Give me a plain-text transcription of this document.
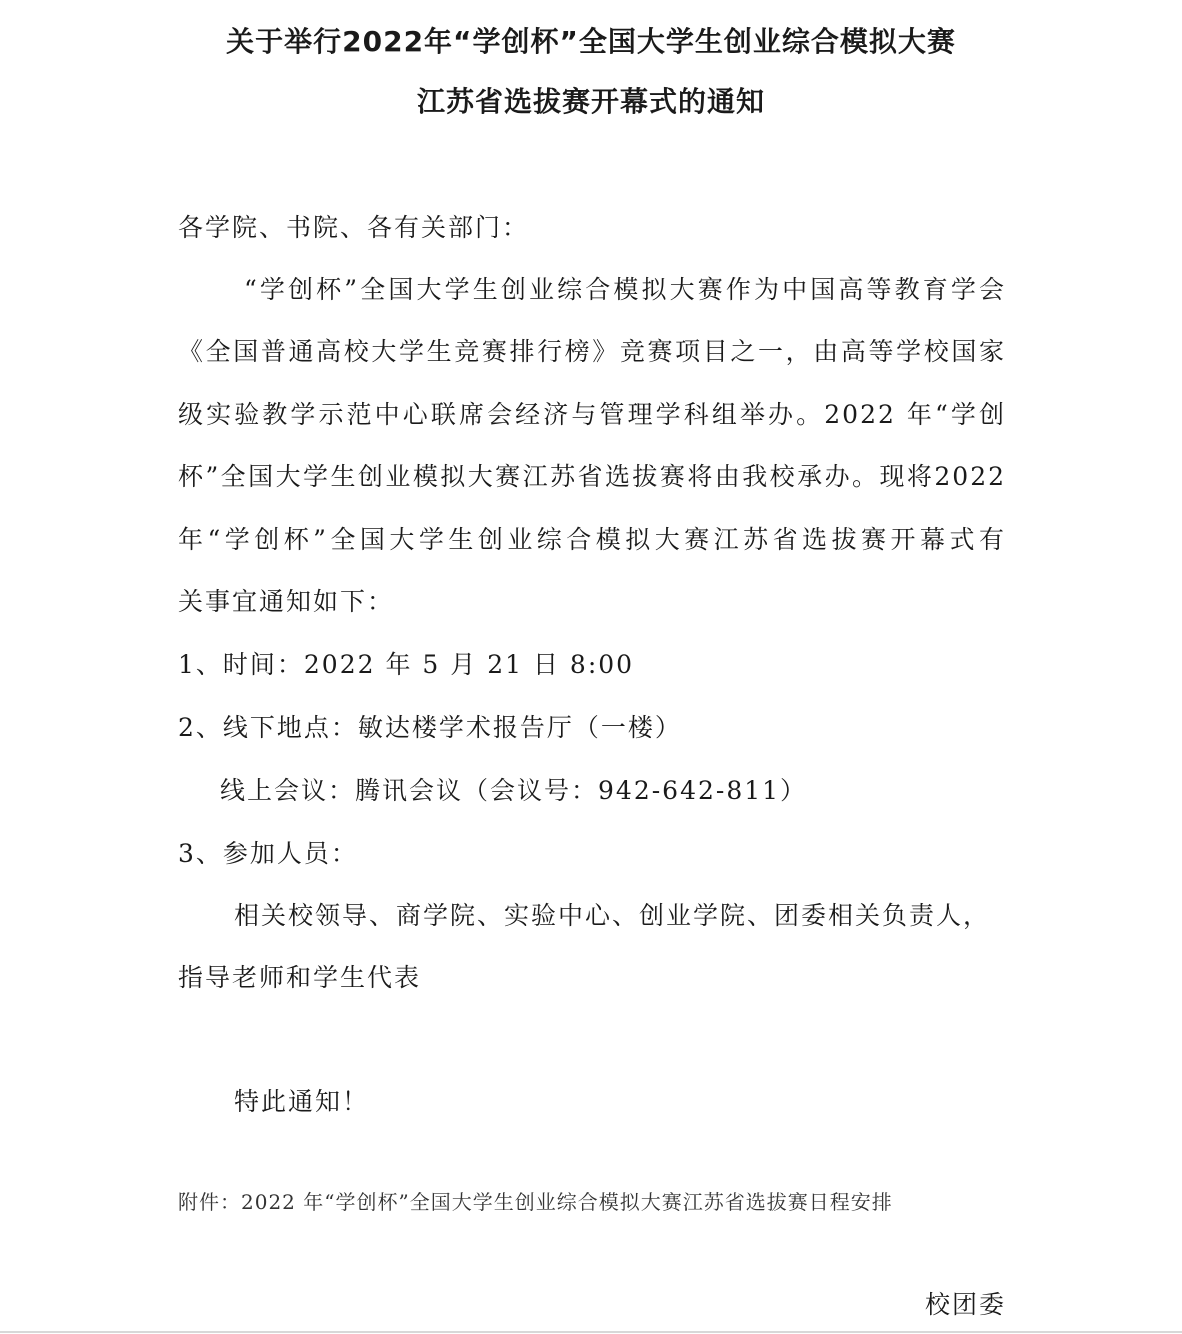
关于举行2022年“学创杯”全国大学生创业综合模拟大赛
江苏省选拔赛开幕式的通知
各学院、书院、各有关部门：
“学创杯”全国大学生创业综合模拟大赛作为中国高等教育学会
《全国普通高校大学生竞赛排行榜》竞赛项目之一，由高等学校国家
级实验教学示范中心联席会经济与管理学科组举办。2022 年“学创
杯”全国大学生创业模拟大赛江苏省选拔赛将由我校承办。现将2022
年“学创杯”全国大学生创业综合模拟大赛江苏省选拔赛开幕式有
关事宜通知如下：
1、时间：2022 年 5 月 21 日 8:00
2、线下地点：敏达楼学术报告厅（一楼）
线上会议：腾讯会议（会议号：942-642-811）
3、参加人员：
相关校领导、商学院、实验中心、创业学院、团委相关负责人，
指导老师和学生代表
特此通知！
附件：2022 年“学创杯”全国大学生创业综合模拟大赛江苏省选拔赛日程安排
校团委
